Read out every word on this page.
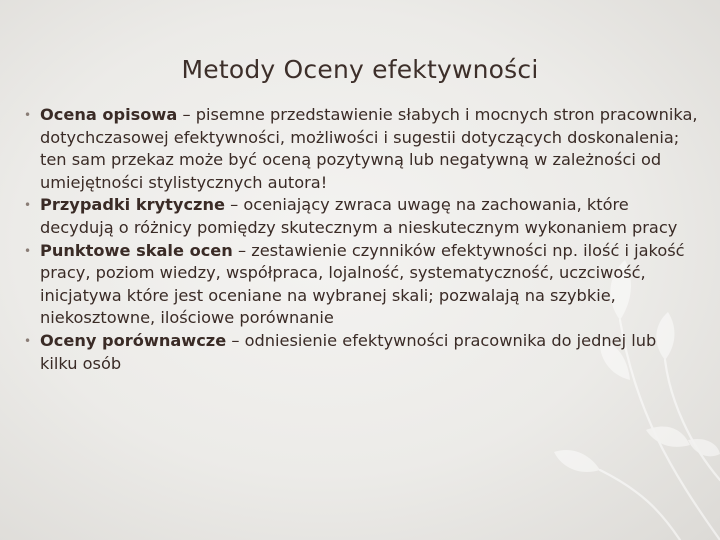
Metody Oceny efektywności
• Ocena opisowa – pisemne przedstawienie słabych i mocnych stron pracownika, dotychczasowej efektywności, możliwości i sugestii dotyczących doskonalenia; ten sam przekaz może być oceną pozytywną lub negatywną w zależności od umiejętności stylistycznych autora!
• Przypadki krytyczne – oceniający zwraca uwagę na zachowania, które decydują o różnicy pomiędzy skutecznym a nieskutecznym wykonaniem pracy
• Punktowe skale ocen – zestawienie czynników efektywności np. ilość i jakość pracy, poziom wiedzy, współpraca, lojalność, systematyczność, uczciwość, inicjatywa które jest oceniane na wybranej skali; pozwalają na szybkie, niekosztowne, ilościowe porównanie
• Oceny porównawcze – odniesienie efektywności pracownika do jednej lub kilku osób
